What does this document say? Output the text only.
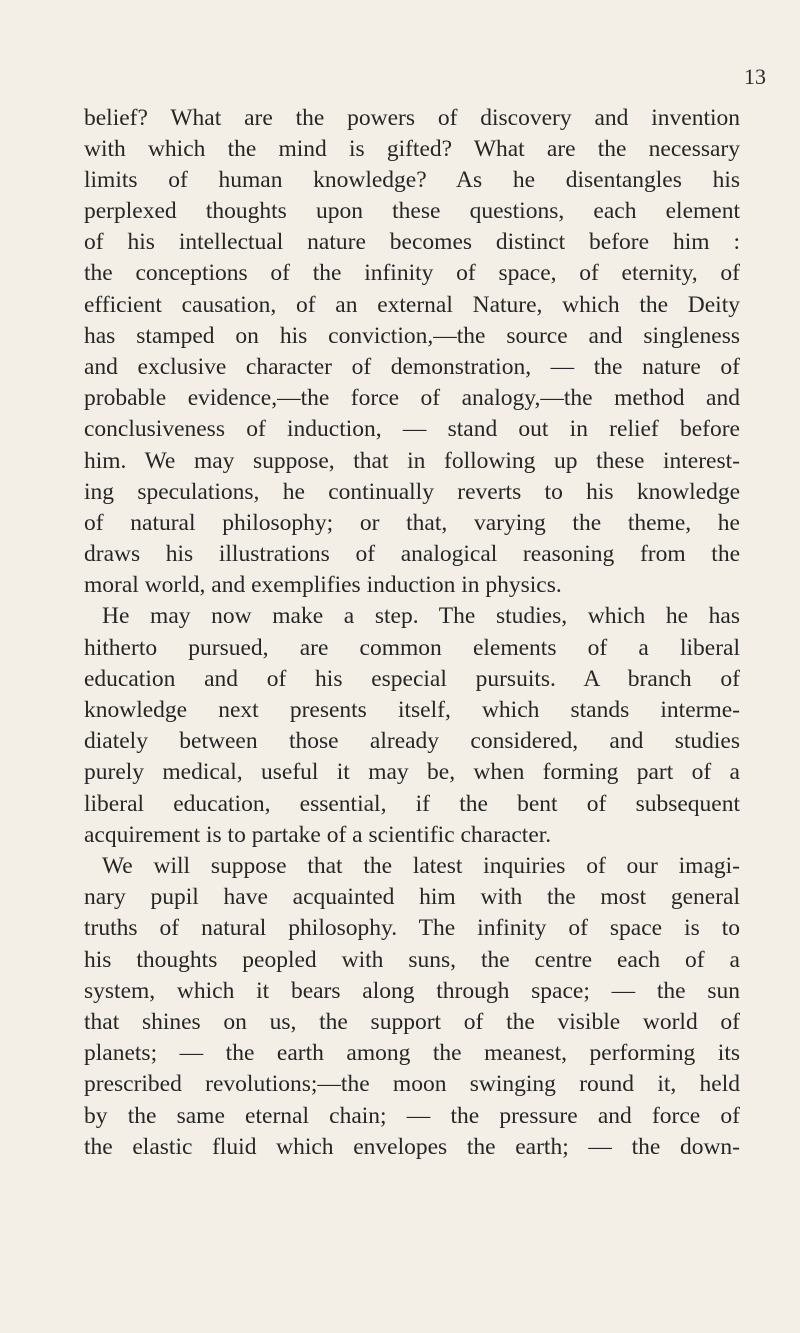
13
belief? What are the powers of discovery and invention
with which the mind is gifted? What are the necessary
limits of human knowledge? As he disentangles his
perplexed thoughts upon these questions, each element
of his intellectual nature becomes distinct before him :
the conceptions of the infinity of space, of eternity, of
efficient causation, of an external Nature, which the Deity
has stamped on his conviction,—the source and singleness
and exclusive character of demonstration, — the nature of
probable evidence,—the force of analogy,—the method and
conclusiveness of induction, — stand out in relief before
him. We may suppose, that in following up these interest-
ing speculations, he continually reverts to his knowledge
of natural philosophy; or that, varying the theme, he
draws his illustrations of analogical reasoning from the
moral world, and exemplifies induction in physics.
He may now make a step. The studies, which he has
hitherto pursued, are common elements of a liberal
education and of his especial pursuits. A branch of
knowledge next presents itself, which stands interme-
diately between those already considered, and studies
purely medical, useful it may be, when forming part of a
liberal education, essential, if the bent of subsequent
acquirement is to partake of a scientific character.
We will suppose that the latest inquiries of our imagi-
nary pupil have acquainted him with the most general
truths of natural philosophy. The infinity of space is to
his thoughts peopled with suns, the centre each of a
system, which it bears along through space; — the sun
that shines on us, the support of the visible world of
planets; — the earth among the meanest, performing its
prescribed revolutions;—the moon swinging round it, held
by the same eternal chain; — the pressure and force of
the elastic fluid which envelopes the earth; — the down-
